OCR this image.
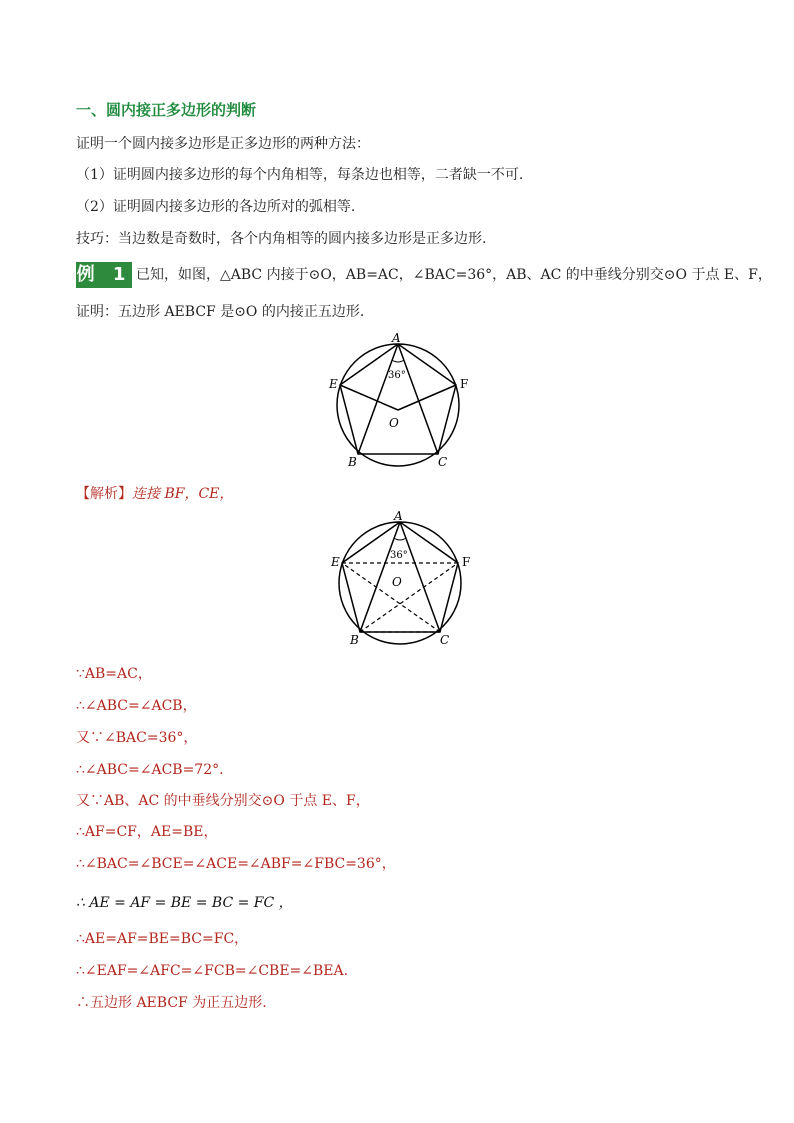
一、圆内接正多边形的判断
证明一个圆内接多边形是正多边形的两种方法：
（1）证明圆内接多边形的每个内角相等，每条边也相等，二者缺一不可.
（2）证明圆内接多边形的各边所对的弧相等.
技巧：当边数是奇数时，各个内角相等的圆内接多边形是正多边形.
例 1 已知，如图，△ABC 内接于⊙O，AB=AC，∠BAC=36°，AB、AC 的中垂线分别交⊙O 于点 E、F，
证明：五边形 AEBCF 是⊙O 的内接正五边形.
A
E	F
36°
O
B	C
【解析】连接 BF，CE，
A
E	F
36°
O
B	C
∵AB=AC，
∴∠ABC=∠ACB，
又∵∠BAC=36°，
∴∠ABC=∠ACB=72°.
又∵AB、AC 的中垂线分别交⊙O 于点 E、F，
∴AF=CF，AE=BE，
∴∠BAC=∠BCE=∠ACE=∠ABF=∠FBC=36°，
∴ AE = AF = BE = BC = FC ，
∴AE=AF=BE=BC=FC，
∴∠EAF=∠AFC=∠FCB=∠CBE=∠BEA.
∴五边形 AEBCF 为正五边形.
